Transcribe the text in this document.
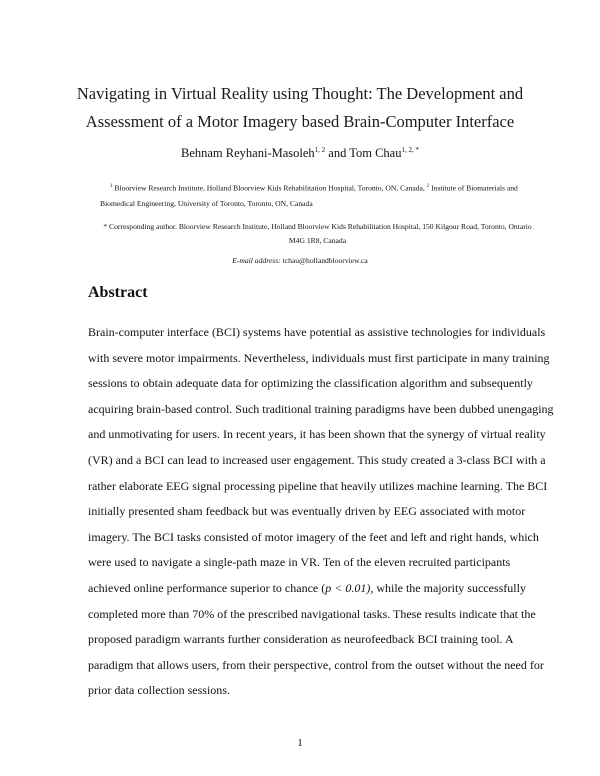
Navigating in Virtual Reality using Thought: The Development and
Assessment of a Motor Imagery based Brain-Computer Interface
Behnam Reyhani-Masoleh$^{1, 2}$ and Tom Chau$^{1, 2, *}$
$^1$ Bloorview Research Institute, Holland Bloorview Kids Rehabilitation Hospital, Toronto, ON, Canada, $^2$ Institute of Biomaterials and
Biomedical Engineering, University of Toronto, Toronto, ON, Canada
* Corresponding author. Bloorview Research Institute, Holland Bloorview Kids Rehabilitation Hospital, 150 Kilgour Road, Toronto, Ontario
M4G 1R8, Canada
E-mail address: tchau@hollandbloorview.ca
Abstract
Brain-computer interface (BCI) systems have potential as assistive technologies for individuals
with severe motor impairments. Nevertheless, individuals must first participate in many training
sessions to obtain adequate data for optimizing the classification algorithm and subsequently
acquiring brain-based control. Such traditional training paradigms have been dubbed unengaging
and unmotivating for users. In recent years, it has been shown that the synergy of virtual reality
(VR) and a BCI can lead to increased user engagement. This study created a 3-class BCI with a
rather elaborate EEG signal processing pipeline that heavily utilizes machine learning. The BCI
initially presented sham feedback but was eventually driven by EEG associated with motor
imagery. The BCI tasks consisted of motor imagery of the feet and left and right hands, which
were used to navigate a single-path maze in VR. Ten of the eleven recruited participants
achieved online performance superior to chance (p < 0.01), while the majority successfully
completed more than 70% of the prescribed navigational tasks. These results indicate that the
proposed paradigm warrants further consideration as neurofeedback BCI training tool. A
paradigm that allows users, from their perspective, control from the outset without the need for
prior data collection sessions.
1
